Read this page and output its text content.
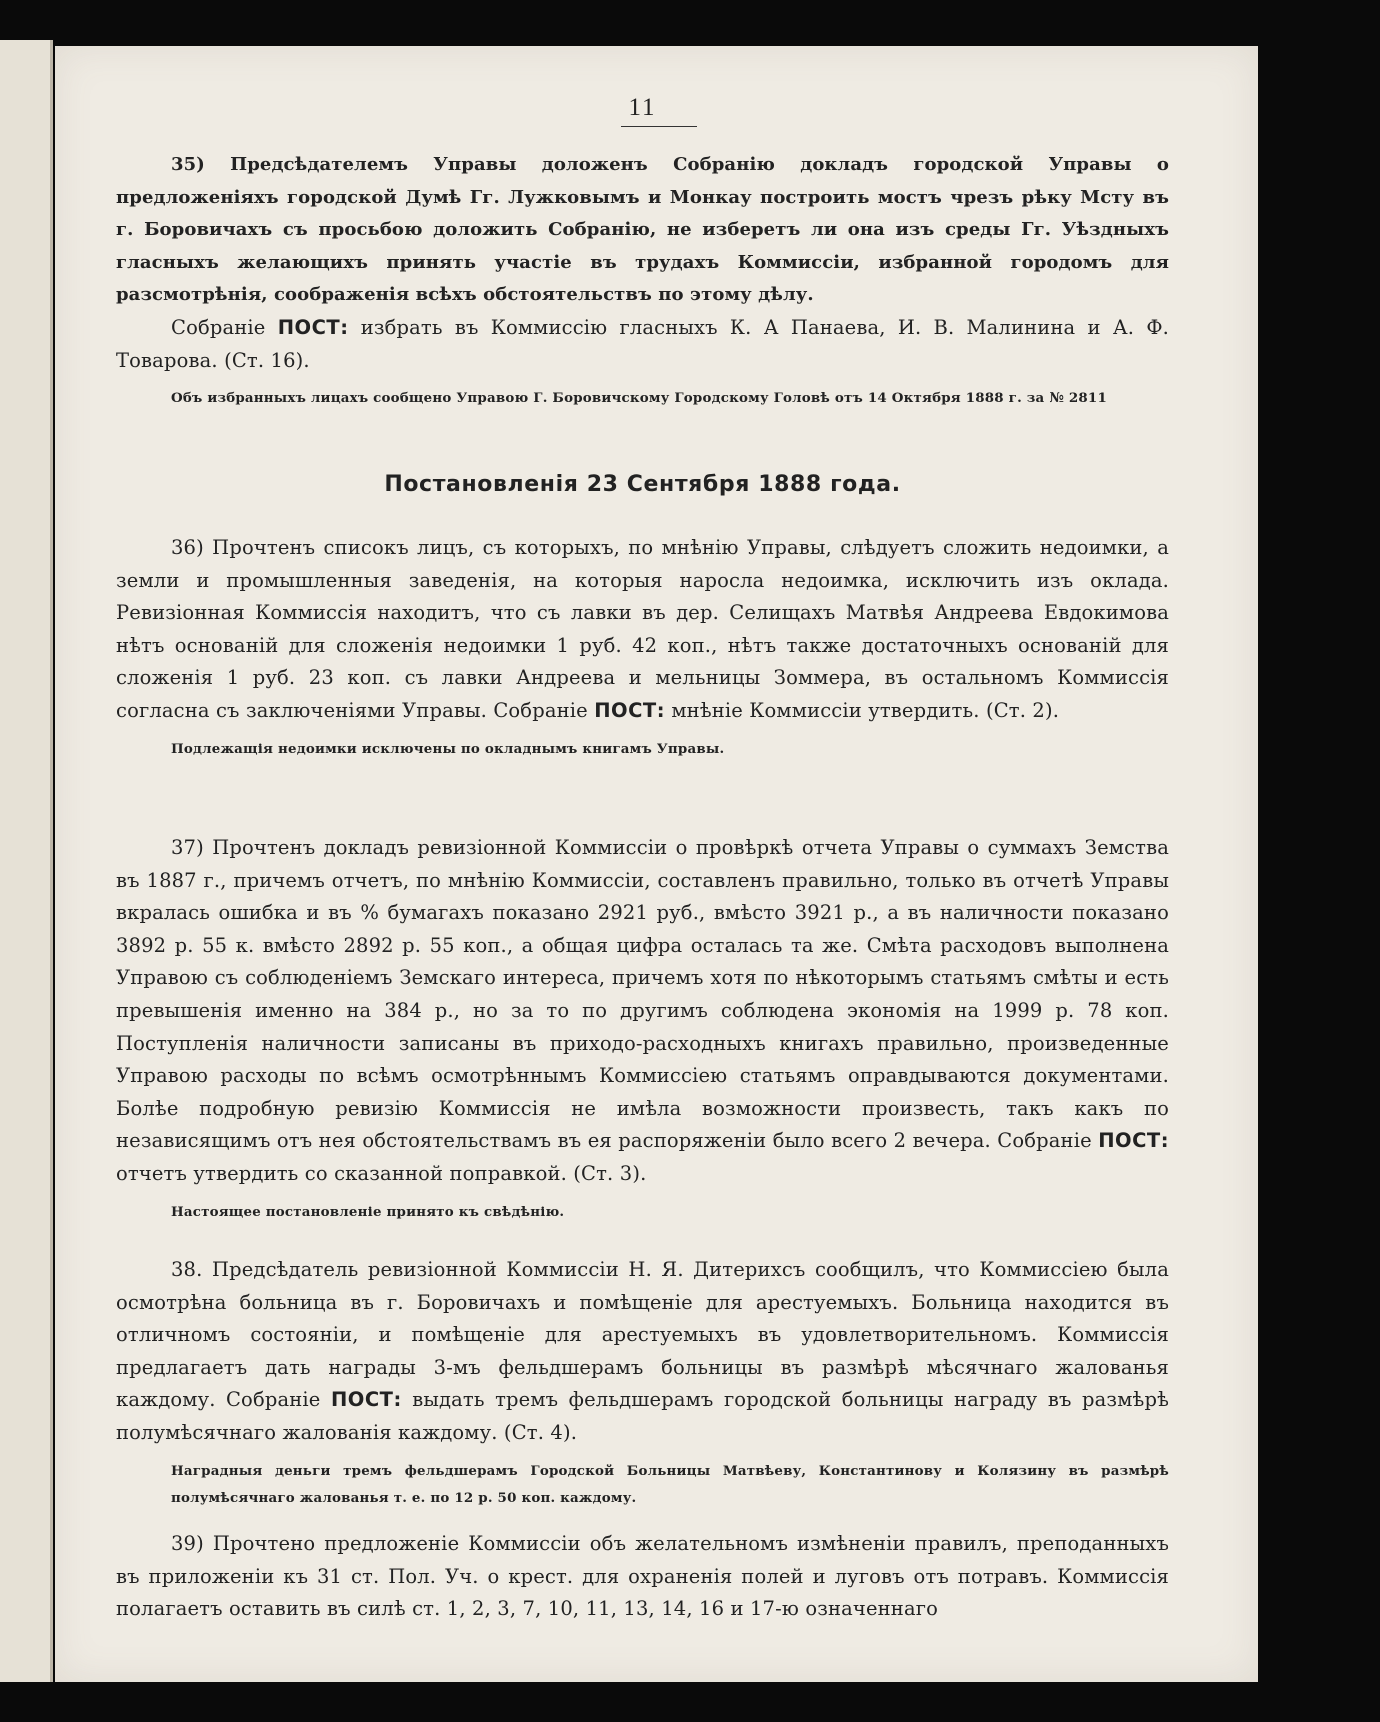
11

35) Предсѣдателемъ Управы доложенъ Собранію докладъ городской Управы о предложеніяхъ городской Думѣ Гг. Лужковымъ и Монкау построить мостъ чрезъ рѣку Мсту въ г. Боровичахъ съ просьбою доложить Собранію, не изберетъ ли она изъ среды Гг. Уѣздныхъ гласныхъ желающихъ принять участіе въ трудахъ Коммиссіи, избранной городомъ для разсмотрѣнія, соображенія всѣхъ обстоятельствъ по этому дѣлу.

Собраніе ПОСТ: избрать въ Коммиссію гласныхъ К. А Панаева, И. В. Малинина и А. Ф. Товарова. (Ст. 16).

Объ избранныхъ лицахъ сообщено Управою Г. Боровичскому Городскому Головѣ отъ 14 Октября 1888 г. за № 2811

Постановленія 23 Сентября 1888 года.

36) Прочтенъ списокъ лицъ, съ которыхъ, по мнѣнію Управы, слѣдуетъ сложить недоимки, а земли и промышленныя заведенія, на которыя наросла недоимка, исключить изъ оклада. Ревизіонная Коммиссія находитъ, что съ лавки въ дер. Селищахъ Матвѣя Андреева Евдокимова нѣтъ основаній для сложенія недоимки 1 руб. 42 коп., нѣтъ также достаточныхъ основаній для сложенія 1 руб. 23 коп. съ лавки Андреева и мельницы Зоммера, въ остальномъ Коммиссія согласна съ заключеніями Управы. Собраніе ПОСТ: мнѣніе Коммиссіи утвердить. (Ст. 2).

Подлежащія недоимки исключены по окладнымъ книгамъ Управы.

37) Прочтенъ докладъ ревизіонной Коммиссіи о провѣркѣ отчета Управы о суммахъ Земства въ 1887 г., причемъ отчетъ, по мнѣнію Коммиссіи, составленъ правильно, только въ отчетѣ Управы вкралась ошибка и въ % бумагахъ показано 2921 руб., вмѣсто 3921 р., а въ наличности показано 3892 р. 55 к. вмѣсто 2892 р. 55 коп., а общая цифра осталась та же. Смѣта расходовъ выполнена Управою съ соблюденіемъ Земскаго интереса, причемъ хотя по нѣкоторымъ статьямъ смѣты и есть превышенія именно на 384 р., но за то по другимъ соблюдена экономія на 1999 р. 78 коп. Поступленія наличности записаны въ приходо-расходныхъ книгахъ правильно, произведенные Управою расходы по всѣмъ осмотрѣннымъ Коммиссіею статьямъ оправдываются документами. Болѣе подробную ревизію Коммиссія не имѣла возможности произвесть, такъ какъ по независящимъ отъ нея обстоятельствамъ въ ея распоряженіи было всего 2 вечера. Собраніе ПОСТ: отчетъ утвердить со сказанной поправкой. (Ст. 3).

Настоящее постановленіе принято къ свѣдѣнію.

38. Предсѣдатель ревизіонной Коммиссіи Н. Я. Дитерихсъ сообщилъ, что Коммиссіею была осмотрѣна больница въ г. Боровичахъ и помѣщеніе для арестуемыхъ. Больница находится въ отличномъ состояніи, и помѣщеніе для арестуемыхъ въ удовлетворительномъ. Коммиссія предлагаетъ дать награды 3-мъ фельдшерамъ больницы въ размѣрѣ мѣсячнаго жалованья каждому. Собраніе ПОСТ: выдать тремъ фельдшерамъ городской больницы награду въ размѣрѣ полумѣсячнаго жалованія каждому. (Ст. 4).

Наградныя деньги тремъ фельдшерамъ Городской Больницы Матвѣеву, Константинову и Колязину въ размѣрѣ полумѣсячнаго жалованья т. е. по 12 р. 50 коп. каждому.

39) Прочтено предложеніе Коммиссіи объ желательномъ измѣненіи правилъ, преподанныхъ въ приложеніи къ 31 ст. Пол. Уч. о крест. для охраненія полей и луговъ отъ потравъ. Коммиссія полагаетъ оставить въ силѣ ст. 1, 2, 3, 7, 10, 11, 13, 14, 16 и 17-ю означеннаго
